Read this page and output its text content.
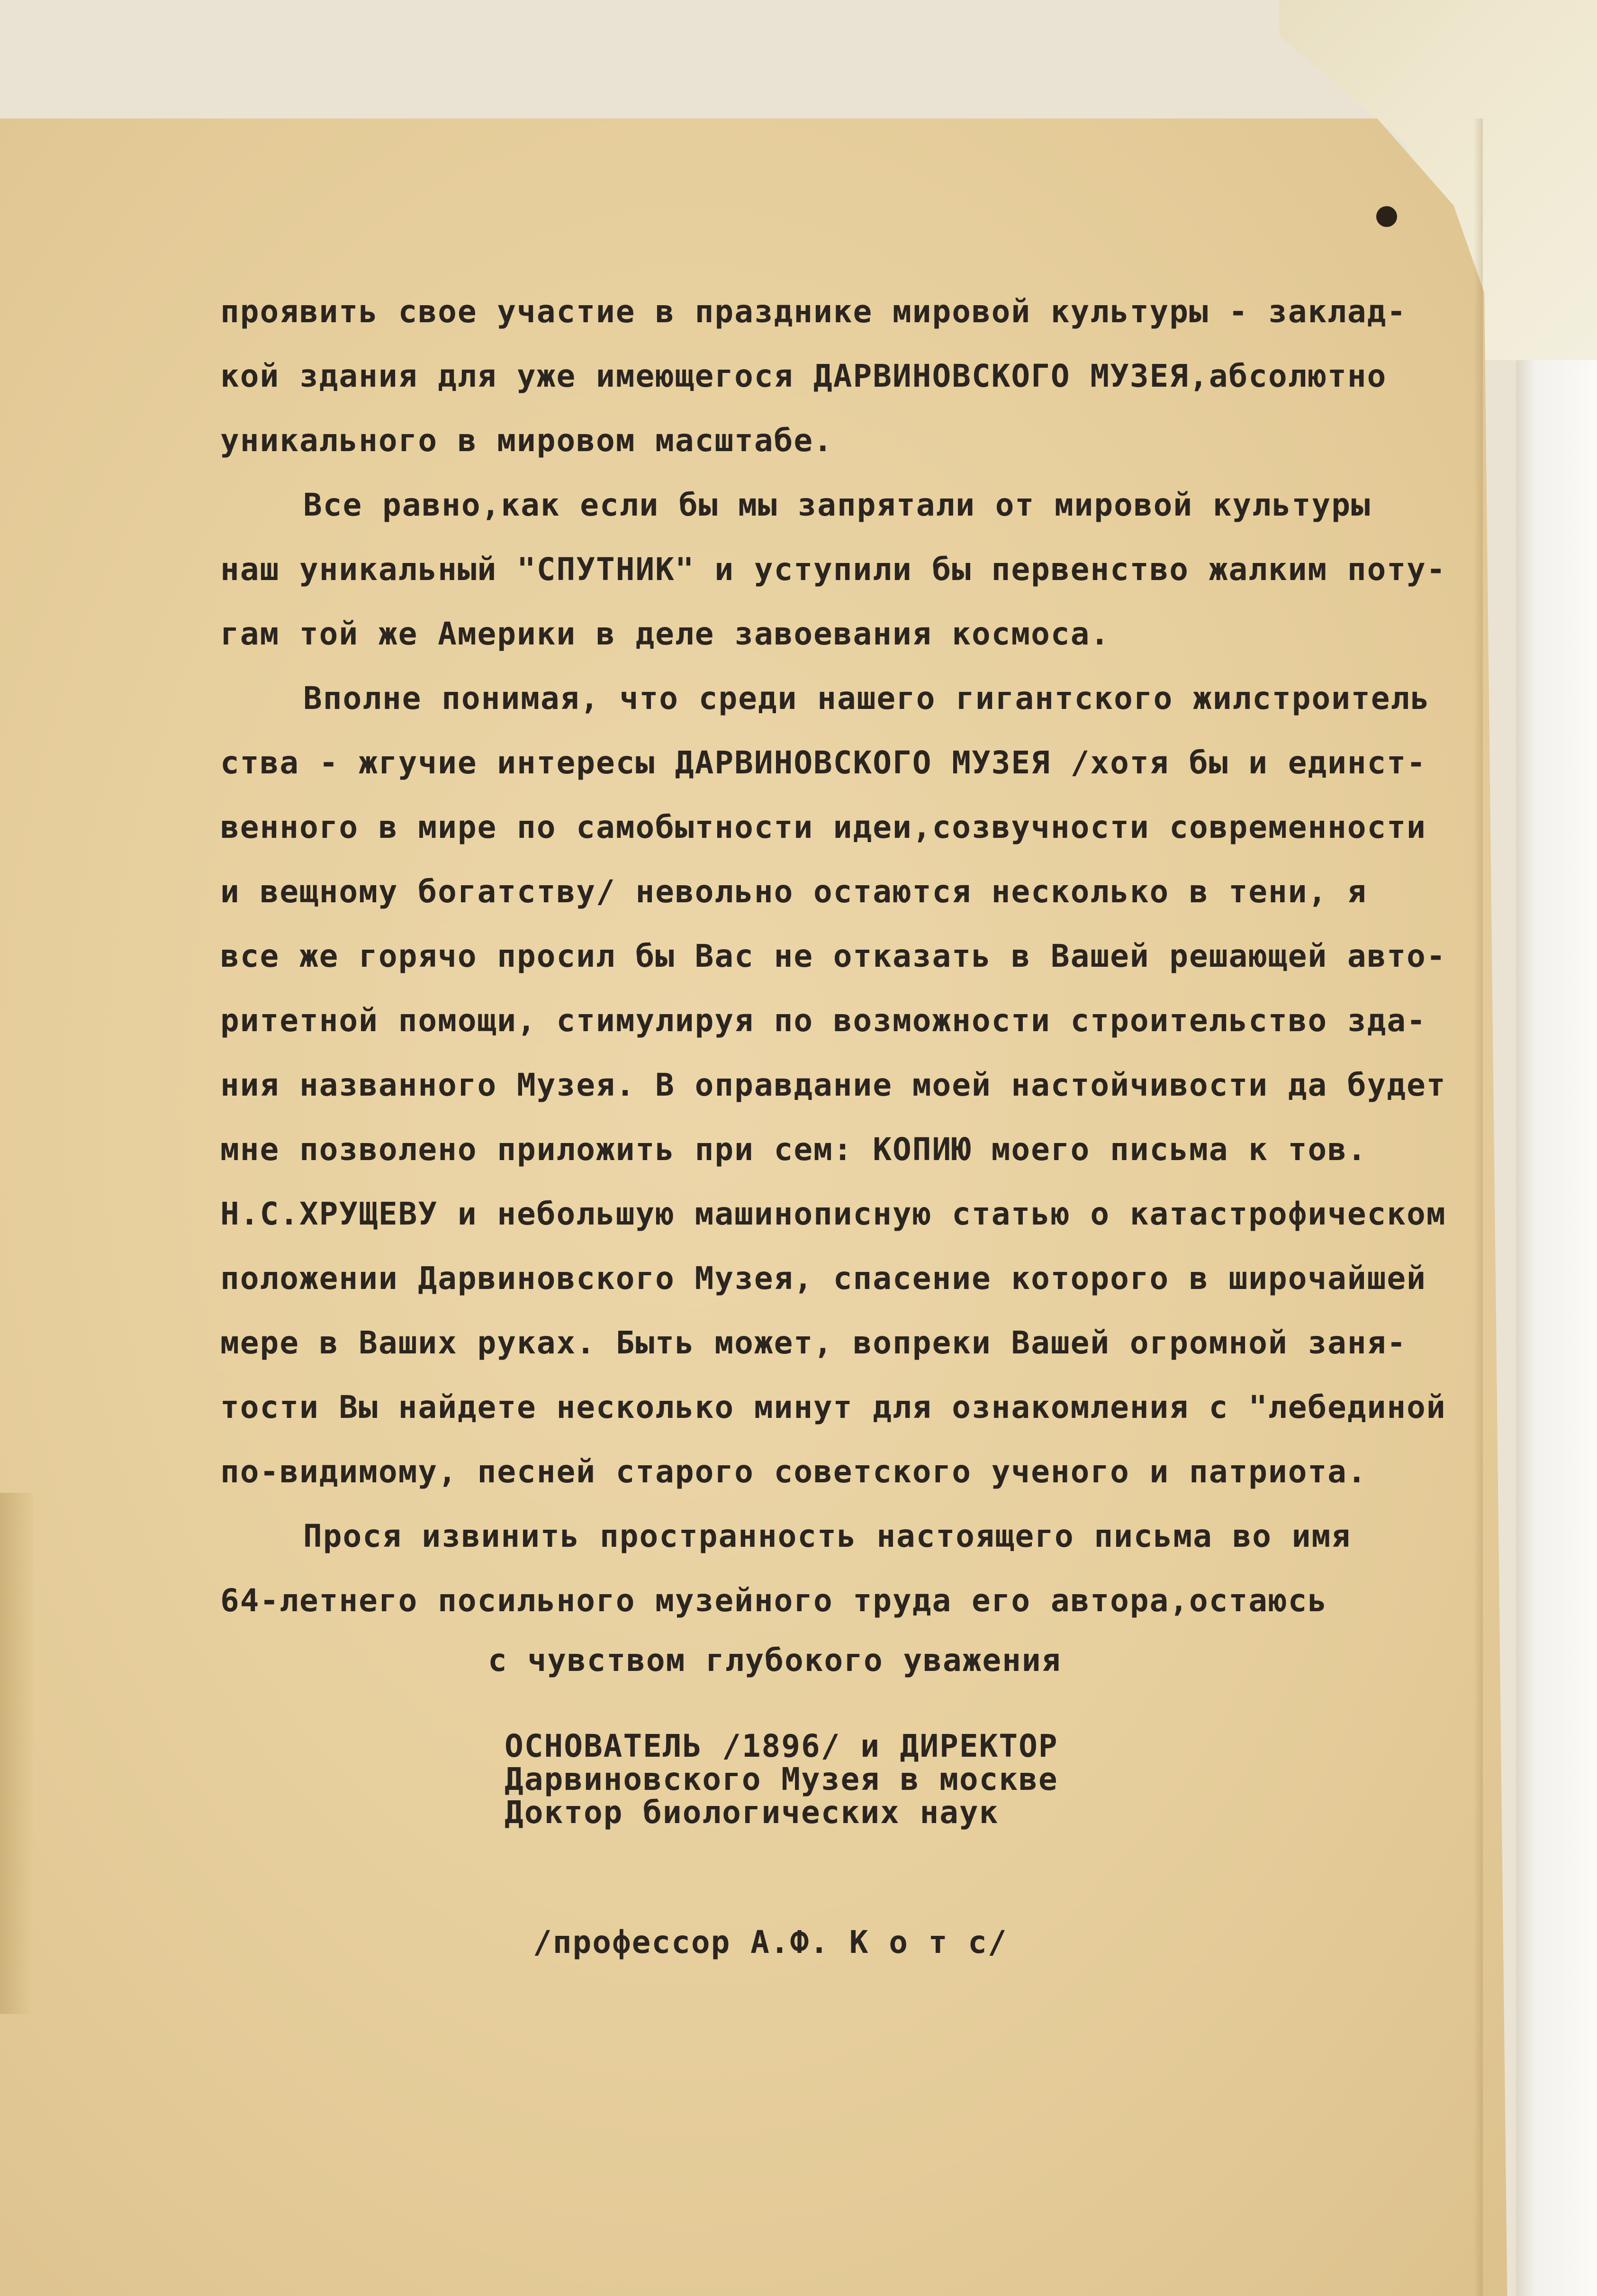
проявить свое участие в празднике мировой культуры - заклад-
кой здания для уже имеющегося ДАРВИНОВСКОГО МУЗЕЯ,абсолютно
уникального в мировом масштабе.
Все равно,как если бы мы запрятали от мировой культуры
наш уникальный "СПУТНИК" и уступили бы первенство жалким поту-
гам той же Америки в деле завоевания космоса.
Вполне понимая, что среди нашего гигантского жилстроитель
ства - жгучие интересы ДАРВИНОВСКОГО МУЗЕЯ /хотя бы и единст-
венного в мире по самобытности идеи,созвучности современности
и вещному богатству/ невольно остаются несколько в тени, я
все же горячо просил бы Вас не отказать в Вашей решающей авто-
ритетной помощи, стимулируя по возможности строительство зда-
ния названного Музея. В оправдание моей настойчивости да будет
мне позволено приложить при сем: КОПИЮ моего письма к тов.
Н.С.ХРУЩЕВУ и небольшую машинописную статью о катастрофическом
положении Дарвиновского Музея, спасение которого в широчайшей
мере в Ваших руках. Быть может, вопреки Вашей огромной заня-
тости Вы найдете несколько минут для ознакомления с "лебединой
по-видимому, песней старого советского ученого и патриота.
Прося извинить пространность настоящего письма во имя
64-летнего посильного музейного труда его автора,остаюсь
с чувством глубокого уважения
ОСНОВАТЕЛЬ /1896/ и ДИРЕКТОР
Дарвиновского Музея в москве
Доктор биологических наук
/профессор А.Ф. К о т с/
